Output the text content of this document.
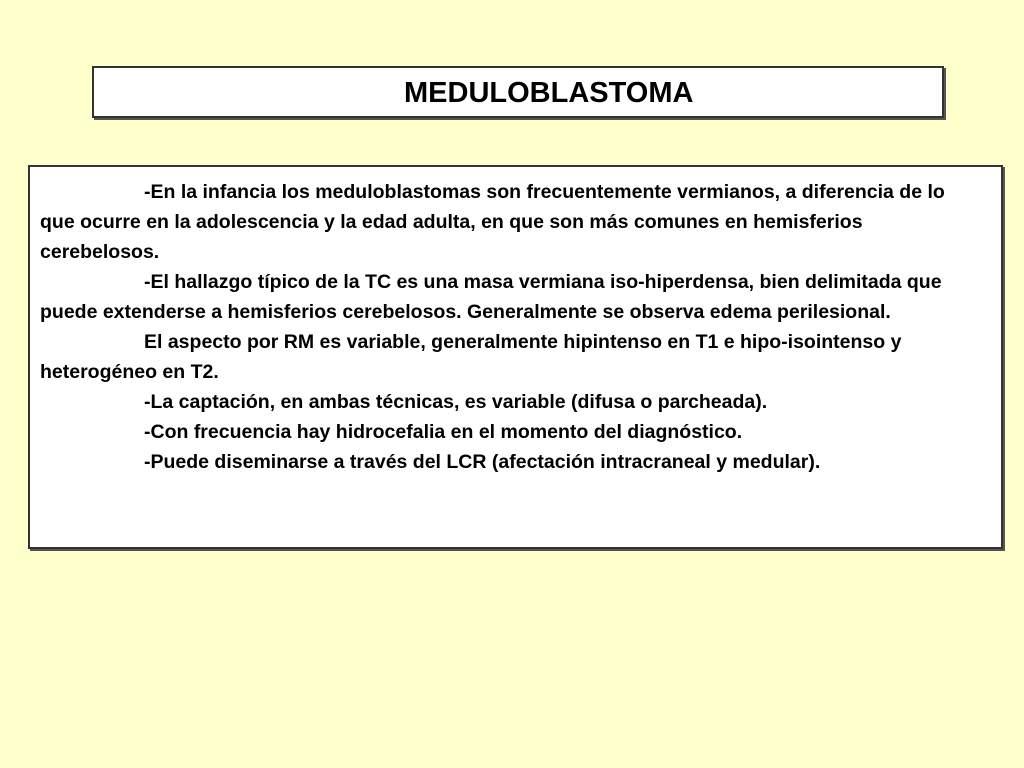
MEDULOBLASTOMA

-En la infancia los meduloblastomas son frecuentemente vermianos, a diferencia de lo que ocurre en la adolescencia y la edad adulta, en que son más comunes en hemisferios cerebelosos.

-El hallazgo típico de la TC es una masa vermiana iso-hiperdensa, bien delimitada que puede extenderse a hemisferios cerebelosos. Generalmente se observa edema perilesional.

El aspecto por RM es variable, generalmente hipintenso en T1 e hipo-isointenso y heterogéneo en T2.

-La captación, en ambas técnicas, es variable (difusa o parcheada).

-Con frecuencia hay hidrocefalia en el momento del diagnóstico.

-Puede diseminarse a través del LCR (afectación intracraneal y medular).
